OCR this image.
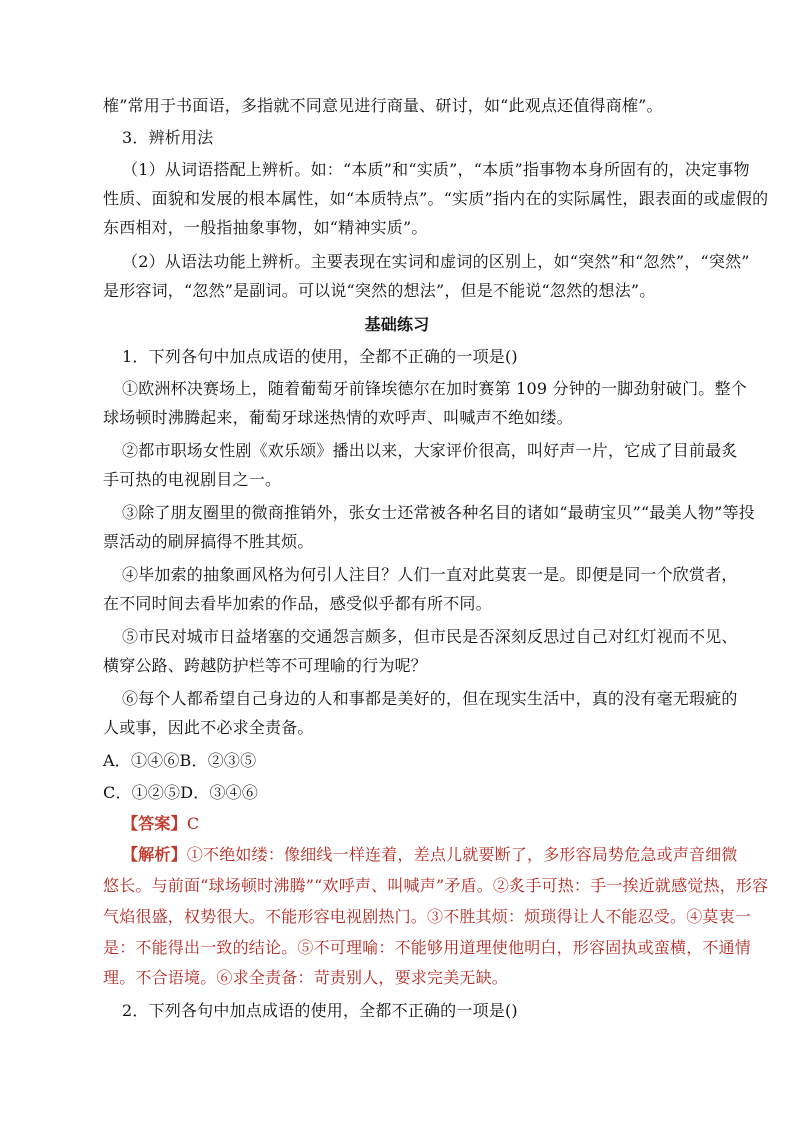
榷”常用于书面语，多指就不同意见进行商量、研讨，如“此观点还值得商榷”。
3．辨析用法
（1）从词语搭配上辨析。如：“本质”和“实质”，“本质”指事物本身所固有的，决定事物
性质、面貌和发展的根本属性，如“本质特点”。“实质”指内在的实际属性，跟表面的或虚假的
东西相对，一般指抽象事物，如“精神实质”。
（2）从语法功能上辨析。主要表现在实词和虚词的区别上，如“突然”和“忽然”，“突然”
是形容词，“忽然”是副词。可以说“突然的想法”，但是不能说“忽然的想法”。
基础练习
1．下列各句中加点成语的使用，全都不正确的一项是()
①欧洲杯决赛场上，随着葡萄牙前锋埃德尔在加时赛第 109 分钟的一脚劲射破门。整个
球场顿时沸腾起来，葡萄牙球迷热情的欢呼声、叫喊声不绝如缕。
②都市职场女性剧《欢乐颂》播出以来，大家评价很高，叫好声一片，它成了目前最炙
手可热的电视剧目之一。
③除了朋友圈里的微商推销外，张女士还常被各种名目的诸如“最萌宝贝”“最美人物”等投
票活动的刷屏搞得不胜其烦。
④毕加索的抽象画风格为何引人注目？人们一直对此莫衷一是。即便是同一个欣赏者，
在不同时间去看毕加索的作品，感受似乎都有所不同。
⑤市民对城市日益堵塞的交通怨言颇多，但市民是否深刻反思过自己对红灯视而不见、
横穿公路、跨越防护栏等不可理喻的行为呢？
⑥每个人都希望自己身边的人和事都是美好的，但在现实生活中，真的没有毫无瑕疵的
人或事，因此不必求全责备。
A．①④⑥B．②③⑤
C．①②⑤D．③④⑥
【答案】C
【解析】①不绝如缕：像细线一样连着，差点儿就要断了，多形容局势危急或声音细微
悠长。与前面“球场顿时沸腾”“欢呼声、叫喊声”矛盾。②炙手可热：手一挨近就感觉热，形容
气焰很盛，权势很大。不能形容电视剧热门。③不胜其烦：烦琐得让人不能忍受。④莫衷一
是：不能得出一致的结论。⑤不可理喻：不能够用道理使他明白，形容固执或蛮横，不通情
理。不合语境。⑥求全责备：苛责别人，要求完美无缺。
2．下列各句中加点成语的使用，全都不正确的一项是()
